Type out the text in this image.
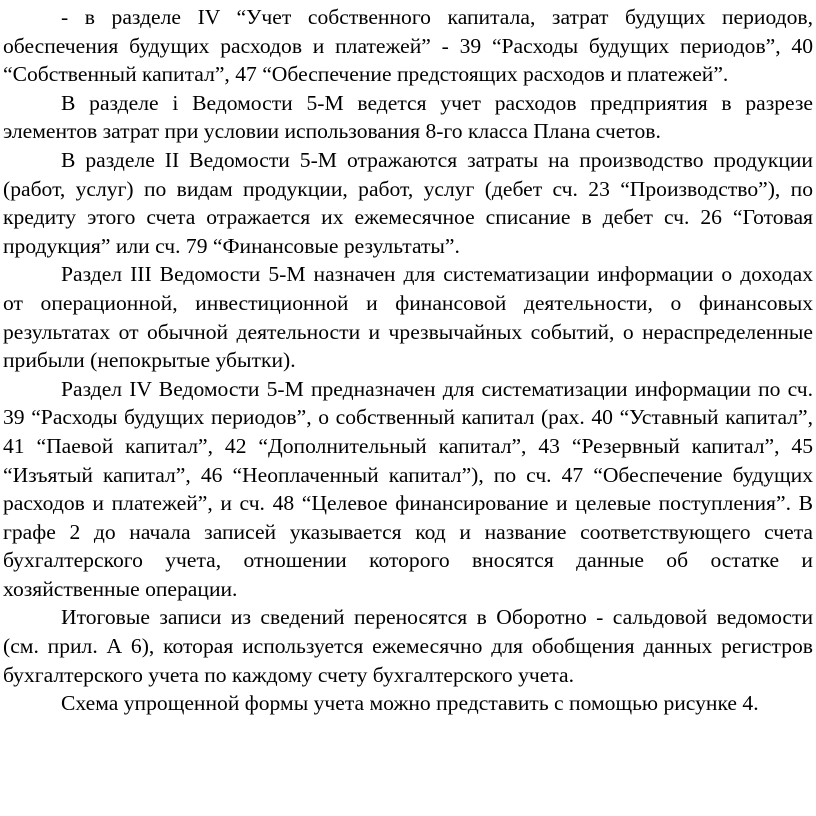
- в разделе IV “Учет собственного капитала, затрат будущих периодов, обеспечения будущих расходов и платежей” - 39 “Расходы будущих периодов”, 40 “Собственный капитал”, 47 “Обеспечение предстоящих расходов и платежей”.

В разделе і Ведомости 5-М ведется учет расходов предприятия в разрезе элементов затрат при условии использования 8-го класса Плана счетов.

В разделе II Ведомости 5-М отражаются затраты на производство продукции (работ, услуг) по видам продукции, работ, услуг (дебет сч. 23 “Производство”), по кредиту этого счета отражается их ежемесячное списание в дебет сч. 26 “Готовая продукция” или сч. 79 “Финансовые результаты”.

Раздел III Ведомости 5-М назначен для систематизации информации о доходах от операционной, инвестиционной и финансовой деятельности, о финансовых результатах от обычной деятельности и чрезвычайных событий, о нераспределенные прибыли (непокрытые убытки).

Раздел IV Ведомости 5-М предназначен для систематизации информации по сч. 39 “Расходы будущих периодов”, о собственный капитал (рах. 40 “Уставный капитал”, 41 “Паевой капитал”, 42 “Дополнительный капитал”, 43 “Резервный капитал”, 45 “Изъятый капитал”, 46 “Неоплаченный капитал”), по сч. 47 “Обеспечение будущих расходов и платежей”, и сч. 48 “Целевое финансирование и целевые поступления”. В графе 2 до начала записей указывается код и название соответствующего счета бухгалтерского учета, отношении которого вносятся данные об остатке и хозяйственные операции.

Итоговые записи из сведений переносятся в Оборотно - сальдовой ведомости (см. прил. А 6), которая используется ежемесячно для обобщения данных регистров бухгалтерского учета по каждому счету бухгалтерского учета.

Схема упрощенной формы учета можно представить с помощью рисунке 4.
